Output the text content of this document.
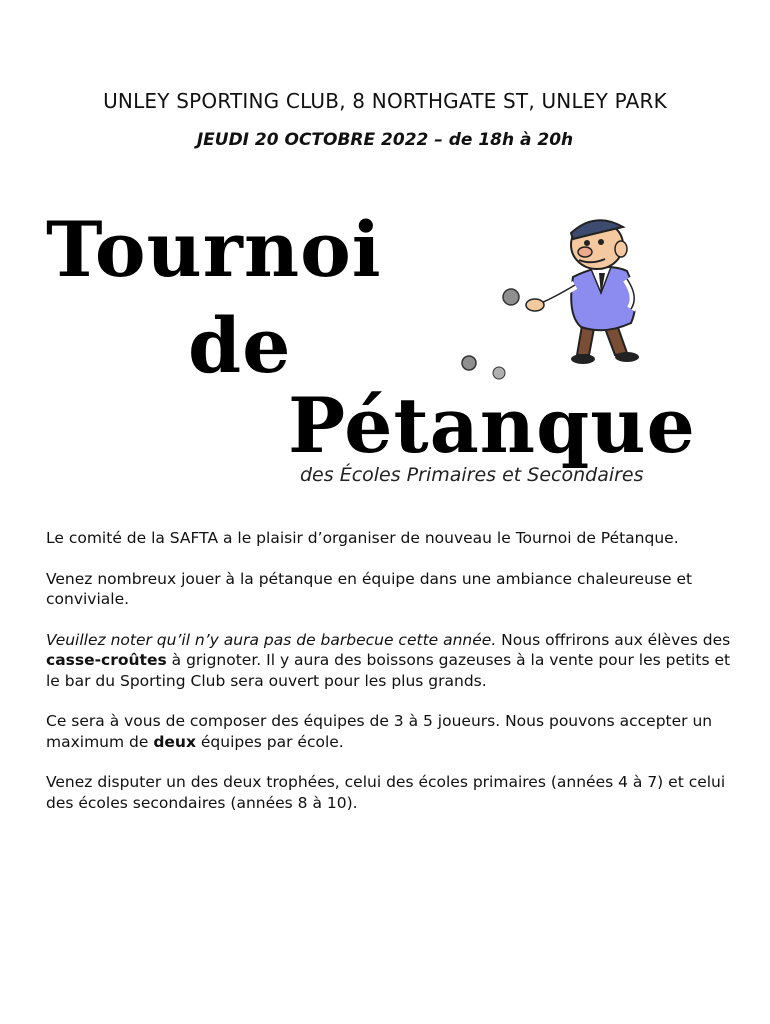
UNLEY SPORTING CLUB, 8 NORTHGATE ST, UNLEY PARK
JEUDI 20 OCTOBRE 2022 – de 18h à 20h
Tournoi
de
Pétanque
des Écoles Primaires et Secondaires

Le comité de la SAFTA a le plaisir d’organiser de nouveau le Tournoi de Pétanque.

Venez nombreux jouer à la pétanque en équipe dans une ambiance chaleureuse et conviviale.

Veuillez noter qu’il n’y aura pas de barbecue cette année. Nous offrirons aux élèves des casse-croûtes à grignoter. Il y aura des boissons gazeuses à la vente pour les petits et le bar du Sporting Club sera ouvert pour les plus grands.

Ce sera à vous de composer des équipes de 3 à 5 joueurs. Nous pouvons accepter un maximum de deux équipes par école.

Venez disputer un des deux trophées, celui des écoles primaires (années 4 à 7) et celui des écoles secondaires (années 8 à 10).
